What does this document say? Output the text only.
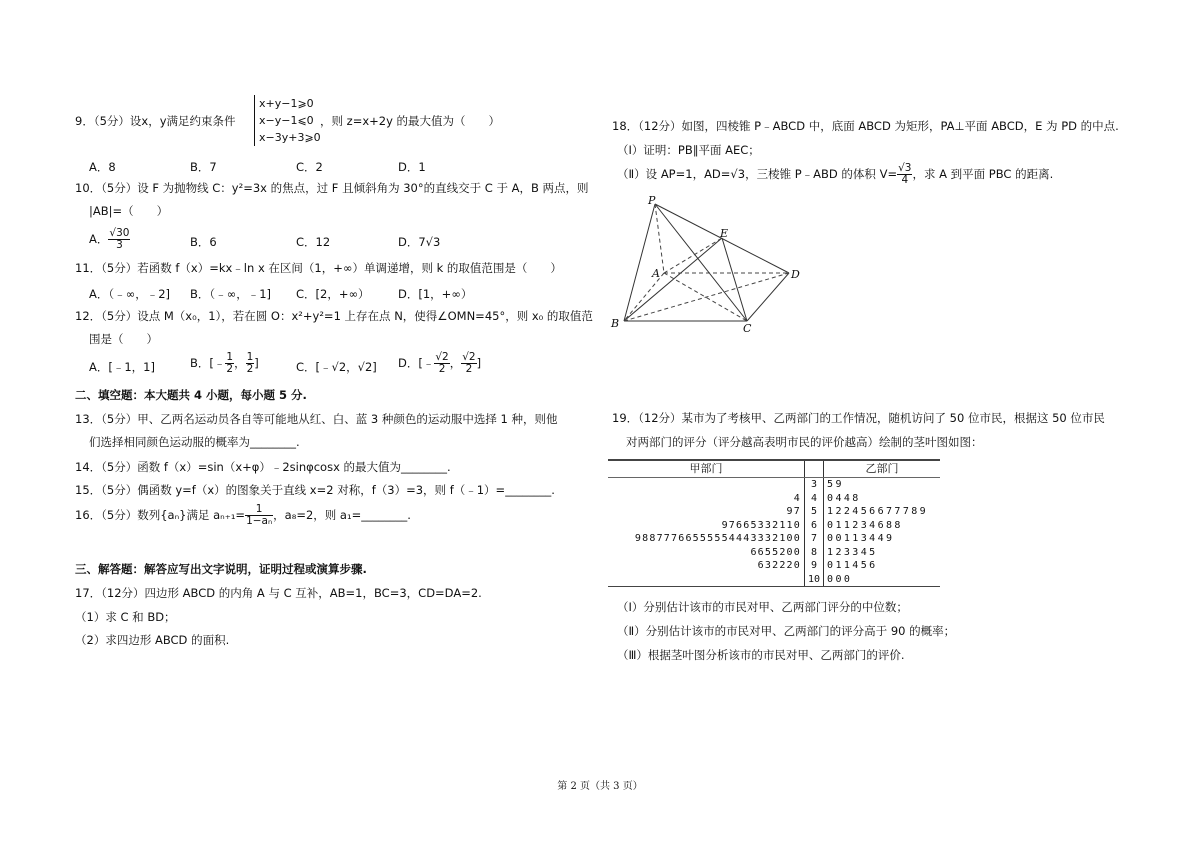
9．（5分）设x，y满足约束条件
x+y−1⩾0
x−y−1⩽0
x−3y+3⩾0
，则 z=x+2y 的最大值为（　　）
A．8	B．7	C．2	D．1
10．（5分）设 F 为抛物线 C：y²=3x 的焦点，过 F 且倾斜角为 30°的直线交于 C 于 A，B 两点，则
|AB|=（　　）
A． $\frac{√30}{3}$	B．6	C．12	D．7√3
11．（5分）若函数 f（x）=kx﹣ln x 在区间（1，+∞）单调递增，则 k 的取值范围是（　　）
A．（﹣∞，﹣2] B．（﹣∞，﹣1] C．[2，+∞） D．[1，+∞）
12．（5分）设点 M（x₀，1），若在圆 O：x²+y²=1 上存在点 N，使得∠OMN=45°，则 x₀ 的取值范
围是（　　）
A．[﹣1，1]	B．[﹣ $\frac{1}{2}$ ， $\frac{1}{2}$ ]	C．[﹣√2，√2] D．[﹣ $\frac{√2}{2}$ ， $\frac{√2}{2}$ ]
二、填空题：本大题共 4 小题，每小题 5 分.
13．（5分）甲、乙两名运动员各自等可能地从红、白、蓝 3 种颜色的运动服中选择 1 种，则他
们选择相同颜色运动服的概率为________.
14．（5分）函数 f（x）=sin（x+φ）﹣2sinφcosx 的最大值为________.
15．（5分）偶函数 y=f（x）的图象关于直线 x=2 对称，f（3）=3，则 f（﹣1）=________.
16．（5分）数列{aₙ}满足 $a_{n+1}= \frac{1}{\text{1−aₙ}}$ ，a₈=2，则 a₁=________.
三、解答题：解答应写出文字说明，证明过程或演算步骤.
17．（12分）四边形 ABCD 的内角 A 与 C 互补，AB=1，BC=3，CD=DA=2.
（1）求 C 和 BD；
（2）求四边形 ABCD 的面积.
18．（12分）如图，四棱锥 P﹣ABCD 中，底面 ABCD 为矩形，PA⊥平面 ABCD，E 为 PD 的中点.
（Ⅰ）证明：PB∥平面 AEC；
（Ⅱ）设 AP=1，AD=√3，三棱锥 P﹣ABD 的体积 $V= \frac{√3}{4}$ ，求 A 到平面 PBC 的距离.
P
E
A	D
B	C
19．（12分）某市为了考核甲、乙两部门的工作情况，随机访问了 50 位市民，根据这 50 位市民
对两部门的评分（评分越高表明市民的评价越高）绘制的茎叶图如图：
甲部门		乙部门
	3	59
4	4	0448
97	5	122456677789
97665332110	6	011234688
98877766555554443332100	7	00113449
6655200	8	123345
632220	9	011456
	10	000
（Ⅰ）分别估计该市的市民对甲、乙两部门评分的中位数；
（Ⅱ）分别估计该市的市民对甲、乙两部门的评分高于 90 的概率；
（Ⅲ）根据茎叶图分析该市的市民对甲、乙两部门的评价.
第 2 页（共 3 页）
